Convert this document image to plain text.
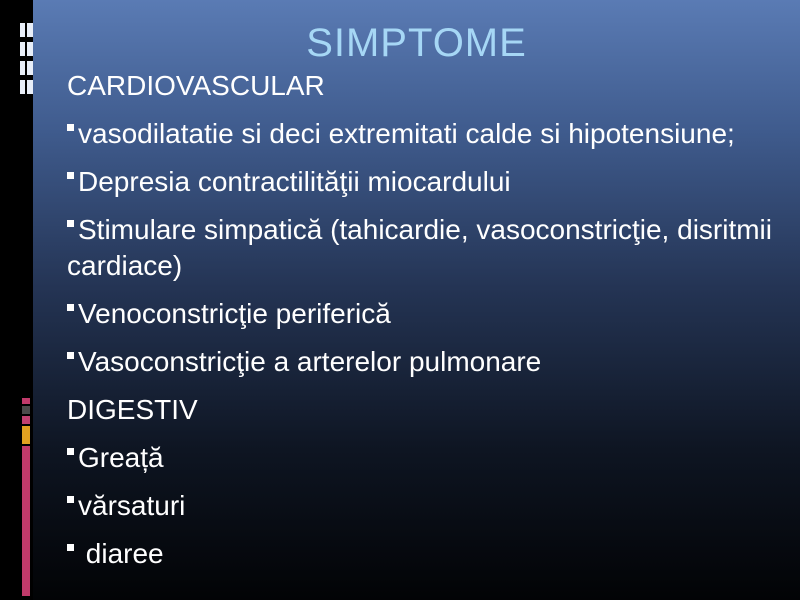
SIMPTOME
CARDIOVASCULAR
vasodilatatie si deci extremitati calde si hipotensiune;
Depresia contractilităţii miocardului
Stimulare simpatică (tahicardie, vasoconstricţie, disritmii cardiace)
Venoconstricţie periferică
Vasoconstricţie a arterelor pulmonare
DIGESTIV
Greață
vărsaturi
diaree
